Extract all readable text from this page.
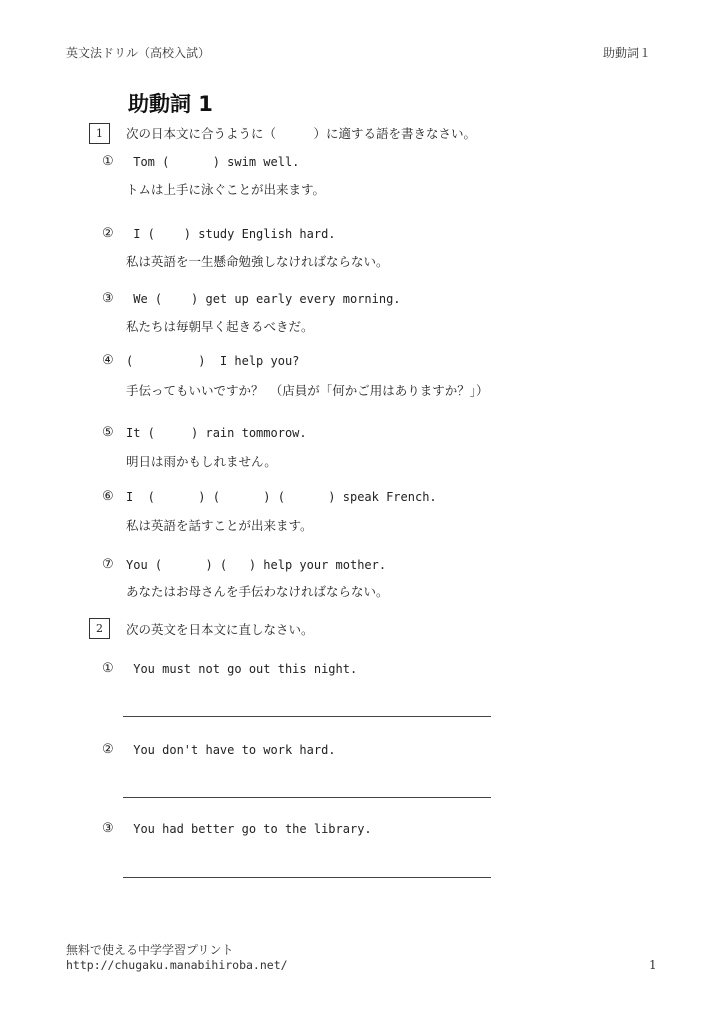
英文法ドリル（高校入試）	助動詞１
助動詞 1
1	次の日本文に合うように（　　　）に適する語を書きなさい。
① Tom (      ) swim well.
トムは上手に泳ぐことが出来ます。
② I (    ) study English hard.
私は英語を一生懸命勉強しなければならない。
③ We (    ) get up early every morning.
私たちは毎朝早く起きるべきだ。
④ (         )  I help you?
手伝ってもいいですか？　（店員が「何かご用はありますか？」）
⑤ It (     ) rain tommorow.
明日は雨かもしれません。
⑥ I  (      ) (      ) (      ) speak French.
私は英語を話すことが出来ます。
⑦ You (      ) (   ) help your mother.
あなたはお母さんを手伝わなければならない。
2	次の英文を日本文に直しなさい。
① You must not go out this night.
② You don't have to work hard.
③ You had better go to the library.
無料で使える中学学習プリント
http://chugaku.manabihiroba.net/	1
